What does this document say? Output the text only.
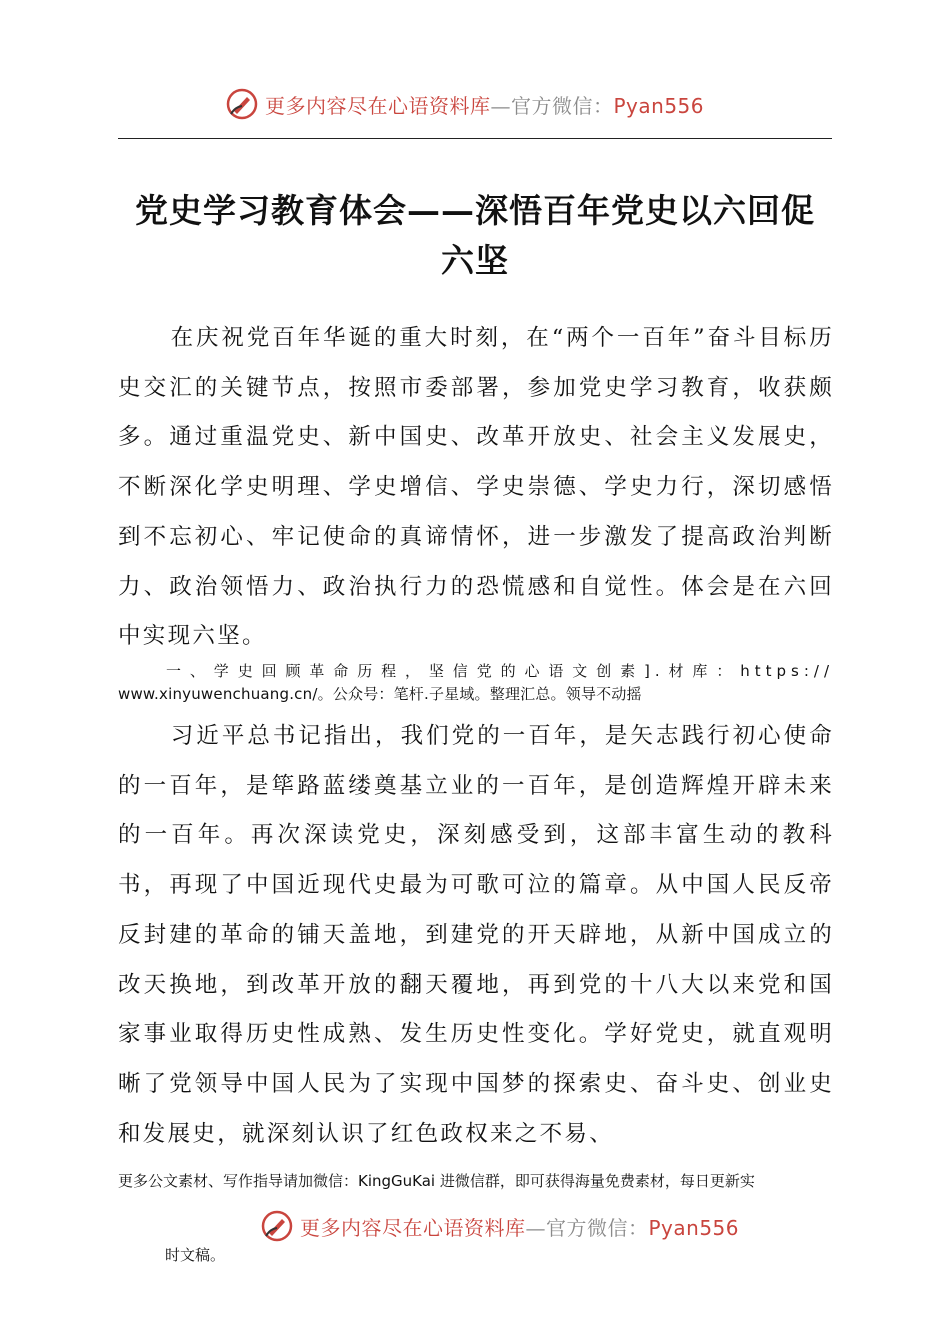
更多内容尽在心语资料库—官方微信：Pyan556
党史学习教育体会——深悟百年党史以六回促
六坚
在庆祝党百年华诞的重大时刻，在“两个一百年”奋斗目标历史交汇的关键节点，按照市委部署，参加党史学习教育，收获颇多。通过重温党史、新中国史、改革开放史、社会主义发展史，不断深化学史明理、学史增信、学史崇德、学史力行，深切感悟到不忘初心、牢记使命的真谛情怀，进一步激发了提高政治判断力、政治领悟力、政治执行力的恐慌感和自觉性。体会是在六回中实现六坚。
一、学史回顾革命历程，坚信党的心语文创素].材库：https://
www.xinyuwenchuang.cn/。公众号：笔杆.子星域。整理汇总。领导不动摇
习近平总书记指出，我们党的一百年，是矢志践行初心使命的一百年，是筚路蓝缕奠基立业的一百年，是创造辉煌开辟未来的一百年。再次深读党史，深刻感受到，这部丰富生动的教科书，再现了中国近现代史最为可歌可泣的篇章。从中国人民反帝反封建的革命的铺天盖地，到建党的开天辟地，从新中国成立的改天换地，到改革开放的翻天覆地，再到党的十八大以来党和国家事业取得历史性成熟、发生历史性变化。学好党史，就直观明晰了党领导中国人民为了实现中国梦的探索史、奋斗史、创业史和发展史，就深刻认识了红色政权来之不易、
更多公文素材、写作指导请加微信：KingGuKai 进微信群，即可获得海量免费素材，每日更新实
更多内容尽在心语资料库—官方微信：Pyan556
时文稿。
